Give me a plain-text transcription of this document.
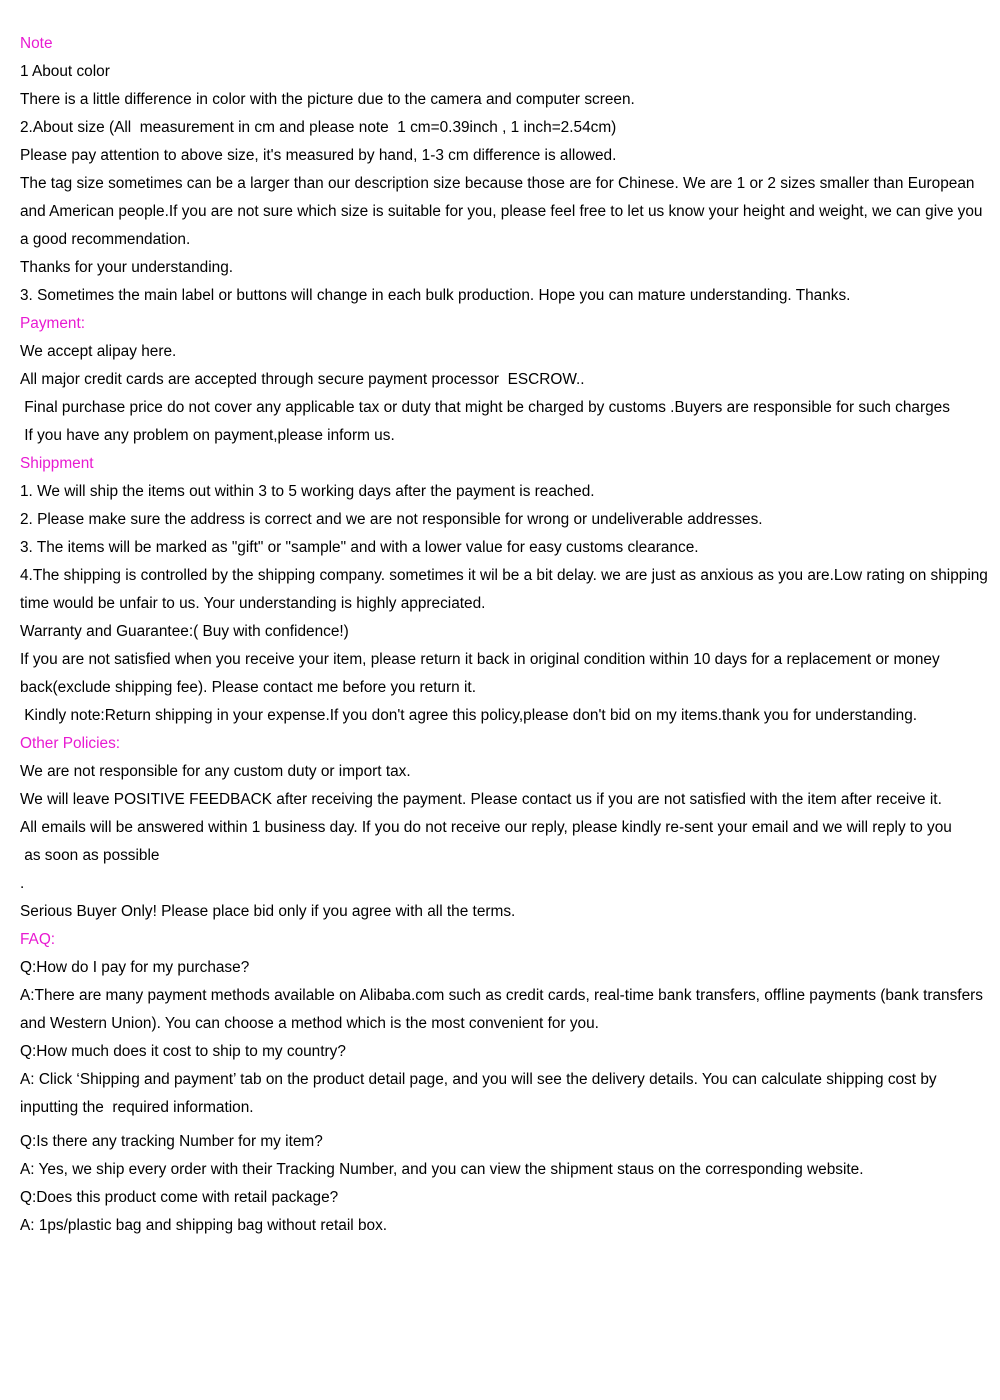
Note

1 About color

There is a little difference in color with the picture due to the camera and computer screen.

2.About size (All  measurement in cm and please note  1 cm=0.39inch , 1 inch=2.54cm)

Please pay attention to above size, it's measured by hand, 1-3 cm difference is allowed.

The tag size sometimes can be a larger than our description size because those are for Chinese. We are 1 or 2 sizes smaller than European and American people.If you are not sure which size is suitable for you, please feel free to let us know your height and weight, we can give you a good recommendation.

Thanks for your understanding.

3. Sometimes the main label or buttons will change in each bulk production. Hope you can mature understanding. Thanks.

Payment:

We accept alipay here.

All major credit cards are accepted through secure payment processor  ESCROW..

Final purchase price do not cover any applicable tax or duty that might be charged by customs .Buyers are responsible for such charges

If you have any problem on payment,please inform us.

Shippment

1. We will ship the items out within 3 to 5 working days after the payment is reached.

2. Please make sure the address is correct and we are not responsible for wrong or undeliverable addresses.

3. The items will be marked as "gift" or "sample" and with a lower value for easy customs clearance.

4.The shipping is controlled by the shipping company. sometimes it wil be a bit delay. we are just as anxious as you are.Low rating on shipping time would be unfair to us. Your understanding is highly appreciated.

Warranty and Guarantee:( Buy with confidence!)

If you are not satisfied when you receive your item, please return it back in original condition within 10 days for a replacement or money back(exclude shipping fee). Please contact me before you return it.

Kindly note:Return shipping in your expense.If you don't agree this policy,please don't bid on my items.thank you for understanding.

Other Policies:

We are not responsible for any custom duty or import tax.

We will leave POSITIVE FEEDBACK after receiving the payment. Please contact us if you are not satisfied with the item after receive it.

All emails will be answered within 1 business day. If you do not receive our reply, please kindly re-sent your email and we will reply to you

as soon as possible

.

Serious Buyer Only! Please place bid only if you agree with all the terms.

FAQ:

Q:How do I pay for my purchase?

A:There are many payment methods available on Alibaba.com such as credit cards, real-time bank transfers, offline payments (bank transfers and Western Union). You can choose a method which is the most convenient for you.

Q:How much does it cost to ship to my country?

A: Click ‘Shipping and payment’ tab on the product detail page, and you will see the delivery details. You can calculate shipping cost by inputting the  required information.

Q:Is there any tracking Number for my item?

A: Yes, we ship every order with their Tracking Number, and you can view the shipment staus on the corresponding website.

Q:Does this product come with retail package?

A: 1ps/plastic bag and shipping bag without retail box.
